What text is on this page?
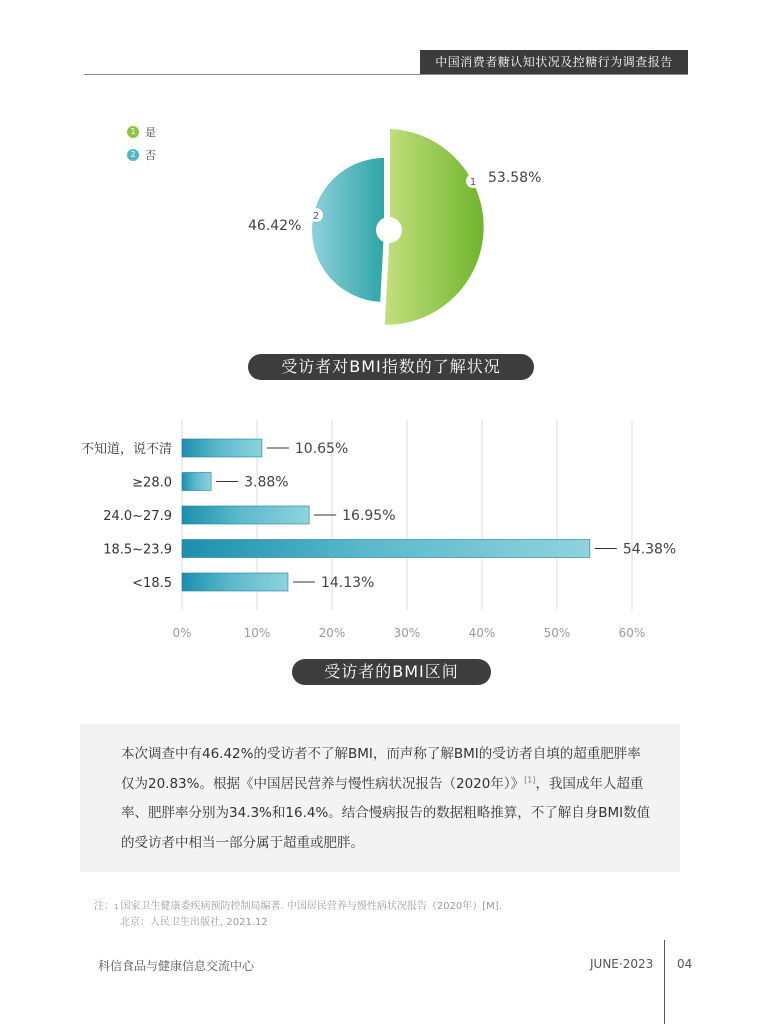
中国消费者糖认知状况及控糖行为调查报告
1 是
2 否
1
2
53.58%
46.42%
受访者对BMI指数的了解状况
0%	10%	20%	30%	40%	50%	60%
不知道，说不清	10.65%
≥28.0	3.88%
24.0~27.9	16.95%
18.5~23.9	54.38%
<18.5	14.13%
受访者的BMI区间

本次调查中有46.42%的受访者不了解BMI，而声称了解BMI的受访者自填的超重肥胖率仅为20.83%。根据《中国居民营养与慢性病状况报告（2020年）》[1]，我国成年人超重率、肥胖率分别为34.3%和16.4%。结合慢病报告的数据粗略推算，不了解自身BMI数值的受访者中相当一部分属于超重或肥胖。

注： 1 国家卫生健康委疾病预防控制局编著. 中国居民营养与慢性病状况报告（2020年）[M].
北京：人民卫生出版社, 2021.12
科信食品与健康信息交流中心	JUNE·2023 04
